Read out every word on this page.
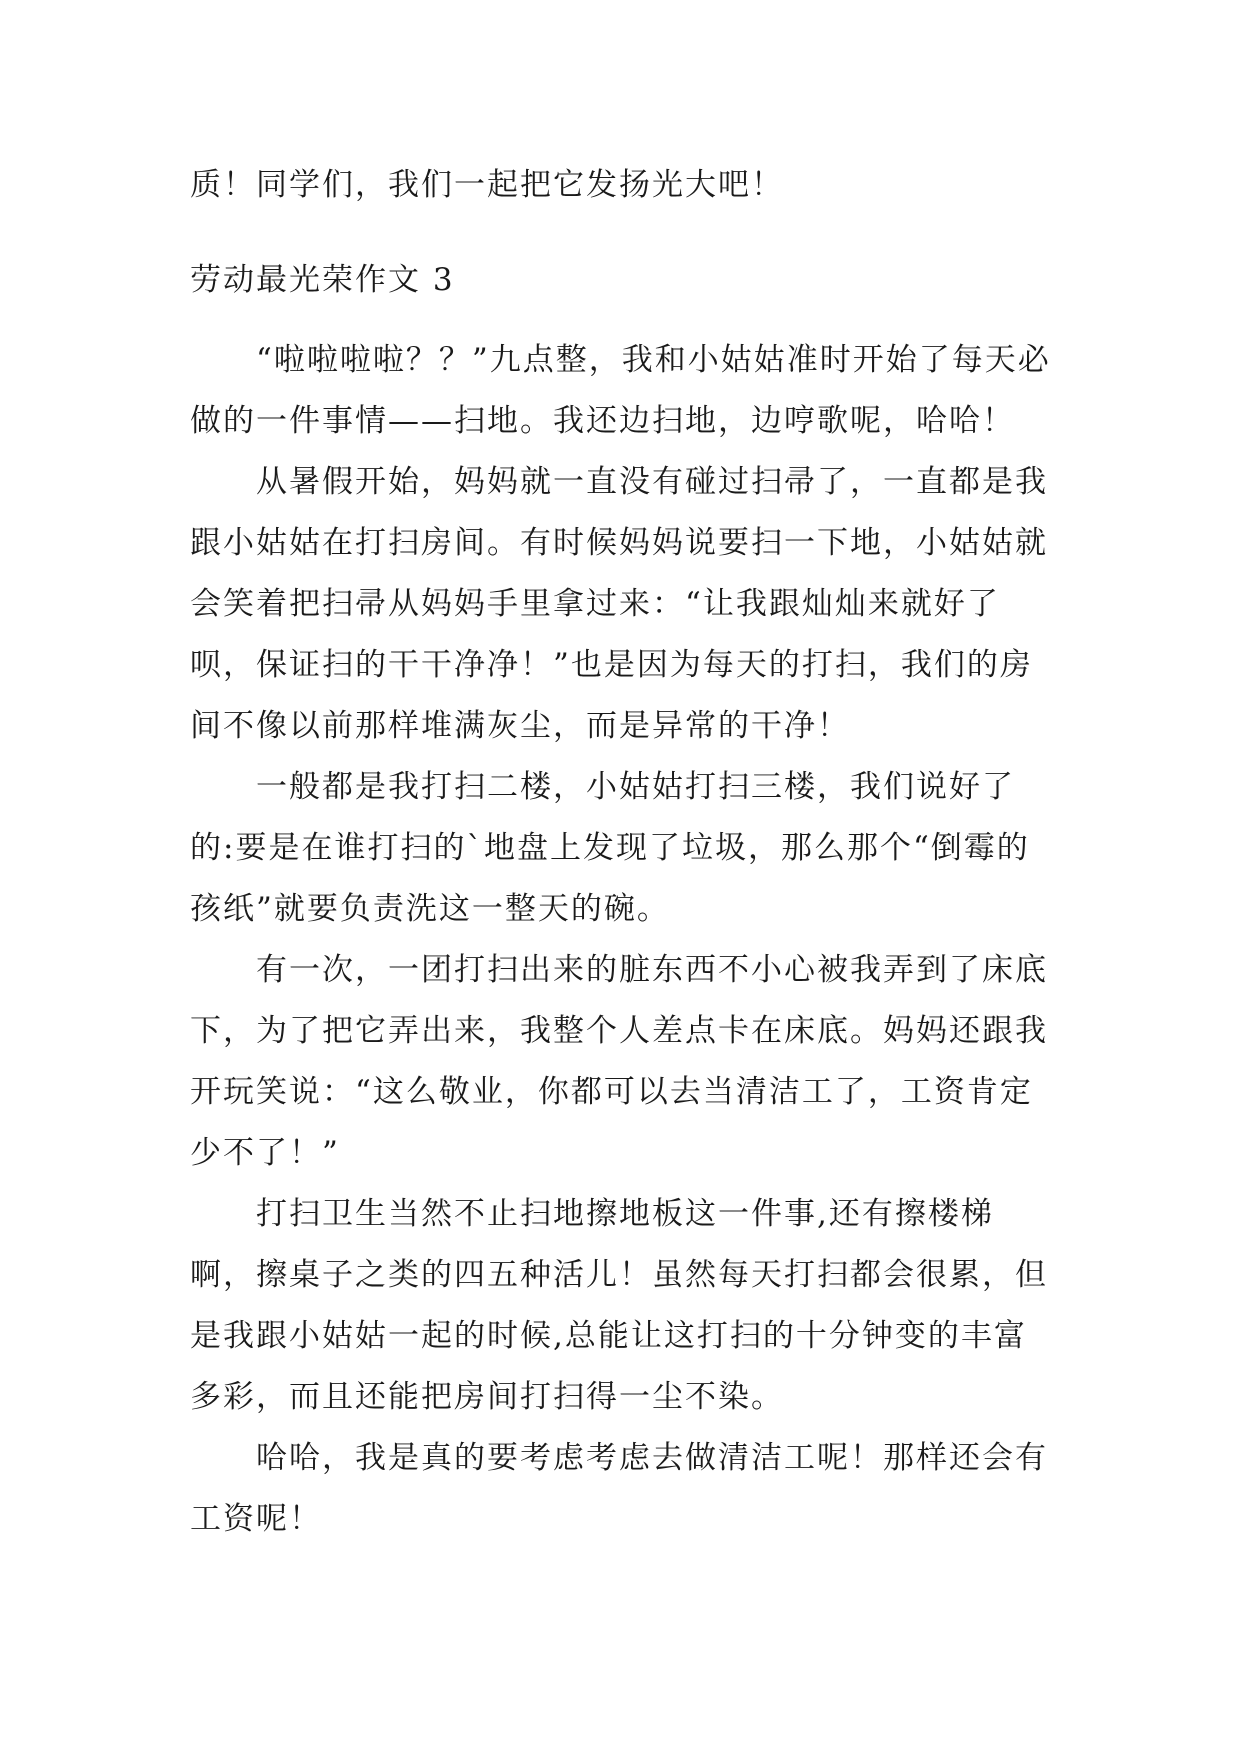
质！同学们，我们一起把它发扬光大吧！
劳动最光荣作文 3

“啦啦啦啦？？”九点整，我和小姑姑准时开始了每天必做的一件事情——扫地。我还边扫地，边哼歌呢，哈哈！

从暑假开始，妈妈就一直没有碰过扫帚了，一直都是我跟小姑姑在打扫房间。有时候妈妈说要扫一下地，小姑姑就会笑着把扫帚从妈妈手里拿过来：“让我跟灿灿来就好了呗，保证扫的干干净净！”也是因为每天的打扫，我们的房间不像以前那样堆满灰尘，而是异常的干净！

一般都是我打扫二楼，小姑姑打扫三楼，我们说好了的:要是在谁打扫的`地盘上发现了垃圾，那么那个“倒霉的孩纸”就要负责洗这一整天的碗。

有一次，一团打扫出来的脏东西不小心被我弄到了床底下，为了把它弄出来，我整个人差点卡在床底。妈妈还跟我开玩笑说：“这么敬业，你都可以去当清洁工了，工资肯定少不了！”

打扫卫生当然不止扫地擦地板这一件事,还有擦楼梯啊，擦桌子之类的四五种活儿！虽然每天打扫都会很累，但是我跟小姑姑一起的时候,总能让这打扫的十分钟变的丰富多彩，而且还能把房间打扫得一尘不染。

哈哈，我是真的要考虑考虑去做清洁工呢！那样还会有工资呢！
